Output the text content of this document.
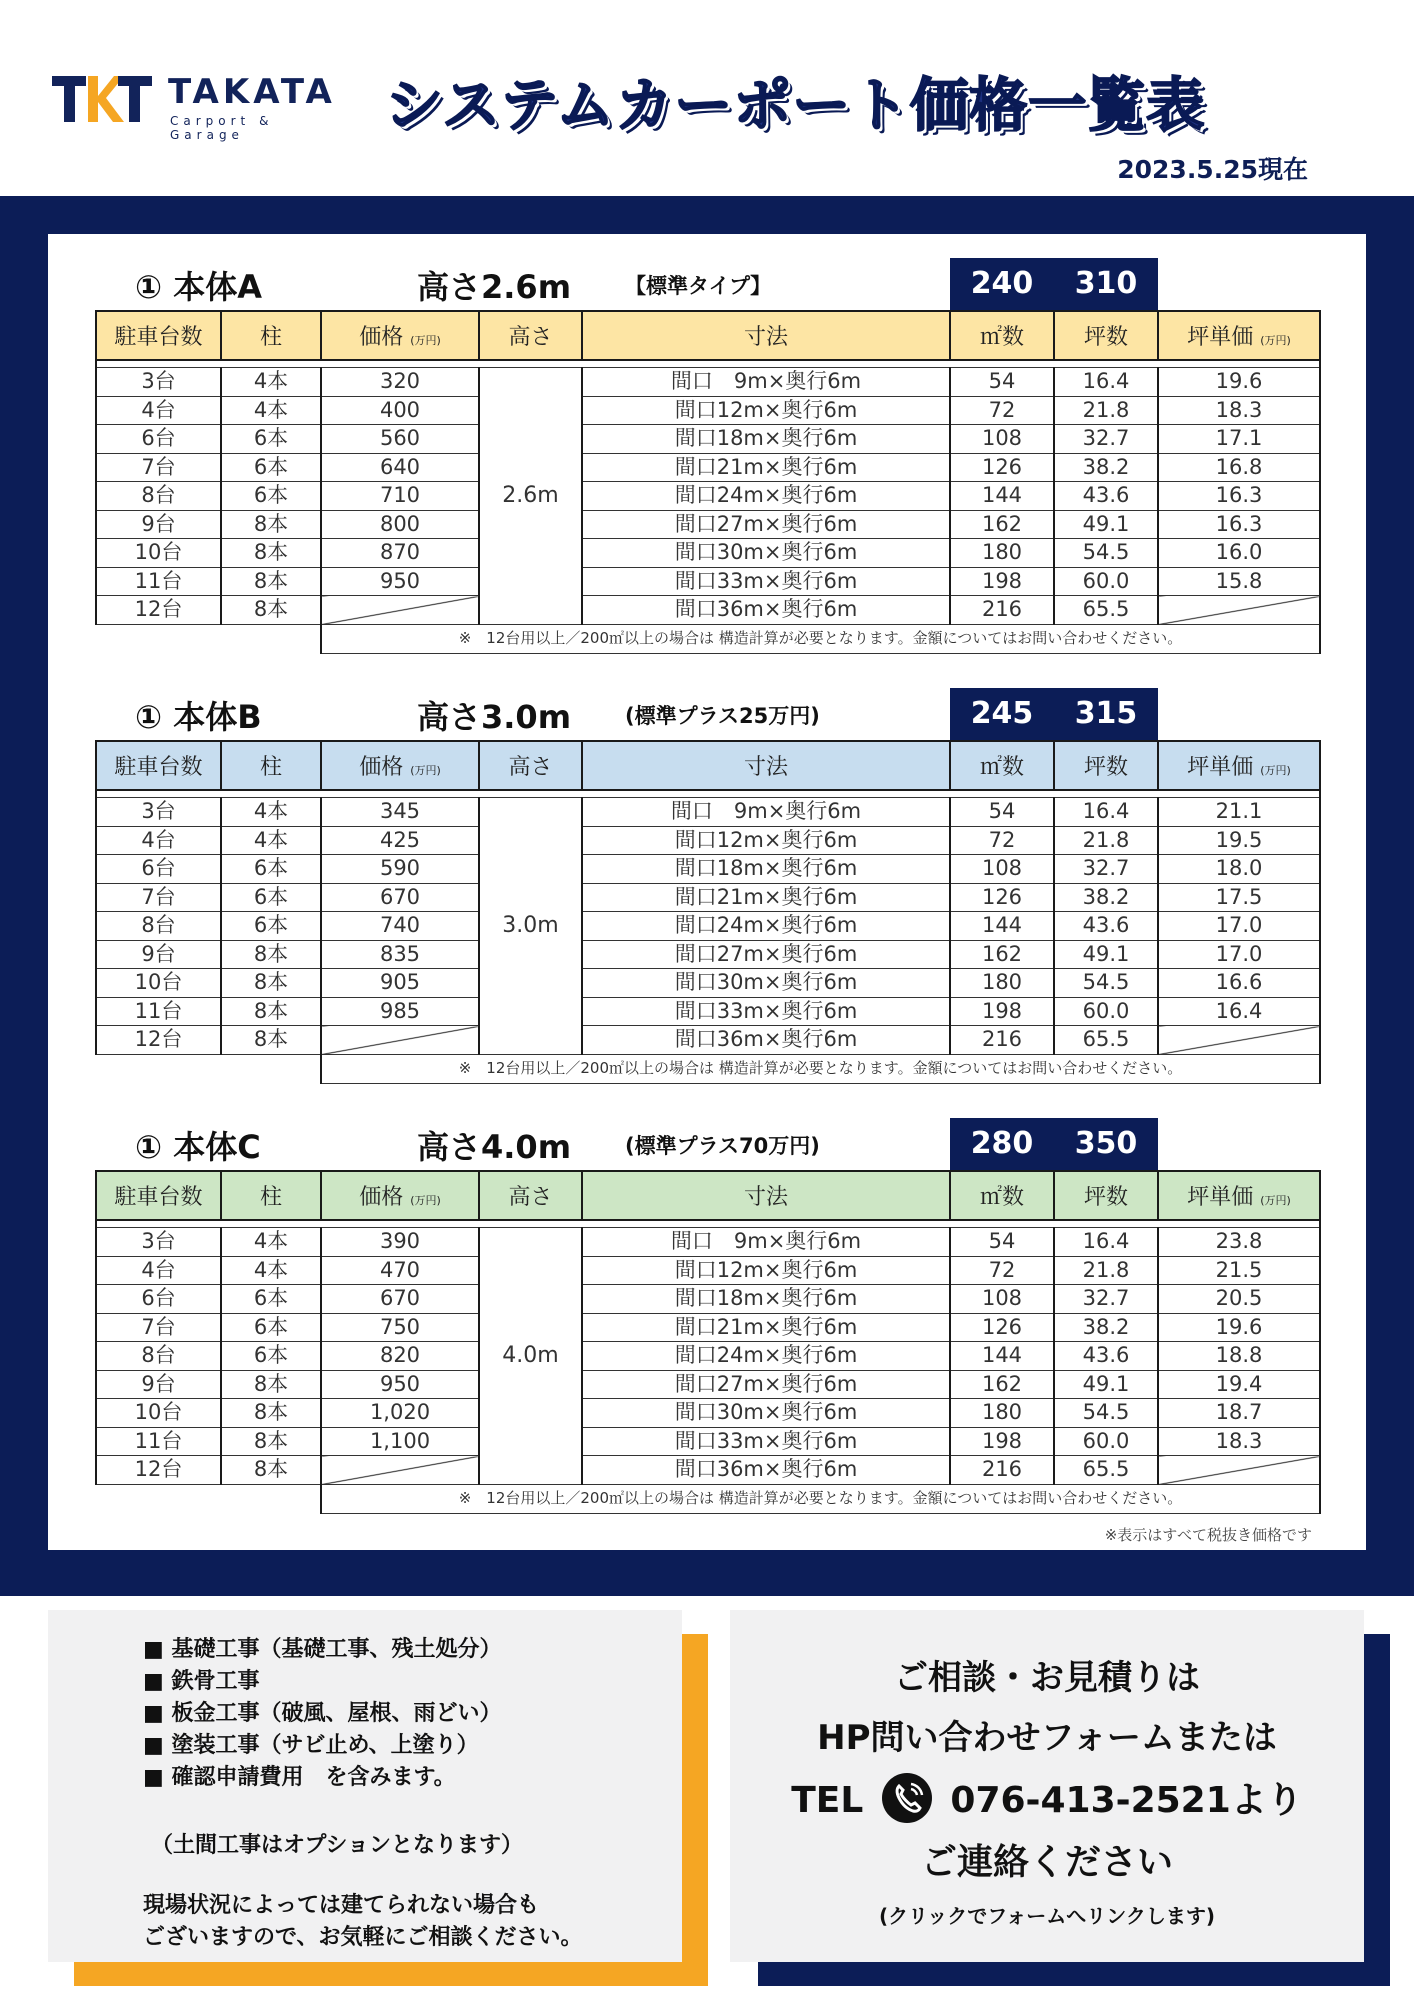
TAKATA
Carport & Garage	システムカーポート価格一覧表
2023.5.25現在
① 本体A	高さ2.6m	【標準タイプ】	240	310
駐車台数	柱	価格 (万円)	高さ	寸法	㎡数	坪数	坪単価 (万円)

3台	4本	320	2.6m	間口　9m×奥行6m	54	16.4	19.6
4台	4本	400		間口12m×奥行6m	72	21.8	18.3
6台	6本	560		間口18m×奥行6m	108	32.7	17.1
7台	6本	640		間口21m×奥行6m	126	38.2	16.8
8台	6本	710		間口24m×奥行6m	144	43.6	16.3
9台	8本	800		間口27m×奥行6m	162	49.1	16.3
10台	8本	870		間口30m×奥行6m	180	54.5	16.0
11台	8本	950		間口33m×奥行6m	198	60.0	15.8
12台	8本			間口36m×奥行6m	216	65.5	
		※　12台用以上／200㎡以上の場合は 構造計算が必要となります。金額についてはお問い合わせください。					
① 本体B	高さ3.0m	(標準プラス25万円)	245	315
駐車台数	柱	価格 (万円)	高さ	寸法	㎡数	坪数	坪単価 (万円)

3台	4本	345	3.0m	間口　9m×奥行6m	54	16.4	21.1
4台	4本	425		間口12m×奥行6m	72	21.8	19.5
6台	6本	590		間口18m×奥行6m	108	32.7	18.0
7台	6本	670		間口21m×奥行6m	126	38.2	17.5
8台	6本	740		間口24m×奥行6m	144	43.6	17.0
9台	8本	835		間口27m×奥行6m	162	49.1	17.0
10台	8本	905		間口30m×奥行6m	180	54.5	16.6
11台	8本	985		間口33m×奥行6m	198	60.0	16.4
12台	8本			間口36m×奥行6m	216	65.5	
		※　12台用以上／200㎡以上の場合は 構造計算が必要となります。金額についてはお問い合わせください。					
① 本体C	高さ4.0m	(標準プラス70万円)	280	350
駐車台数	柱	価格 (万円)	高さ	寸法	㎡数	坪数	坪単価 (万円)

3台	4本	390	4.0m	間口　9m×奥行6m	54	16.4	23.8
4台	4本	470		間口12m×奥行6m	72	21.8	21.5
6台	6本	670		間口18m×奥行6m	108	32.7	20.5
7台	6本	750		間口21m×奥行6m	126	38.2	19.6
8台	6本	820		間口24m×奥行6m	144	43.6	18.8
9台	8本	950		間口27m×奥行6m	162	49.1	19.4
10台	8本	1,020		間口30m×奥行6m	180	54.5	18.7
11台	8本	1,100		間口33m×奥行6m	198	60.0	18.3
12台	8本			間口36m×奥行6m	216	65.5	
		※　12台用以上／200㎡以上の場合は 構造計算が必要となります。金額についてはお問い合わせください。					
※表示はすべて税抜き価格です
■ 基礎工事（基礎工事、残土処分）
■ 鉄骨工事
■ 板金工事（破風、屋根、雨どい）
■ 塗装工事（サビ止め、上塗り）
■ 確認申請費用　を含みます。
（土間工事はオプションとなります）
現場状況によっては建てられない場合も
ございますので、お気軽にご相談ください。
ご相談・お見積りは
HP問い合わせフォームまたは
TEL 076-413-2521より
ご連絡ください
(クリックでフォームへリンクします)
